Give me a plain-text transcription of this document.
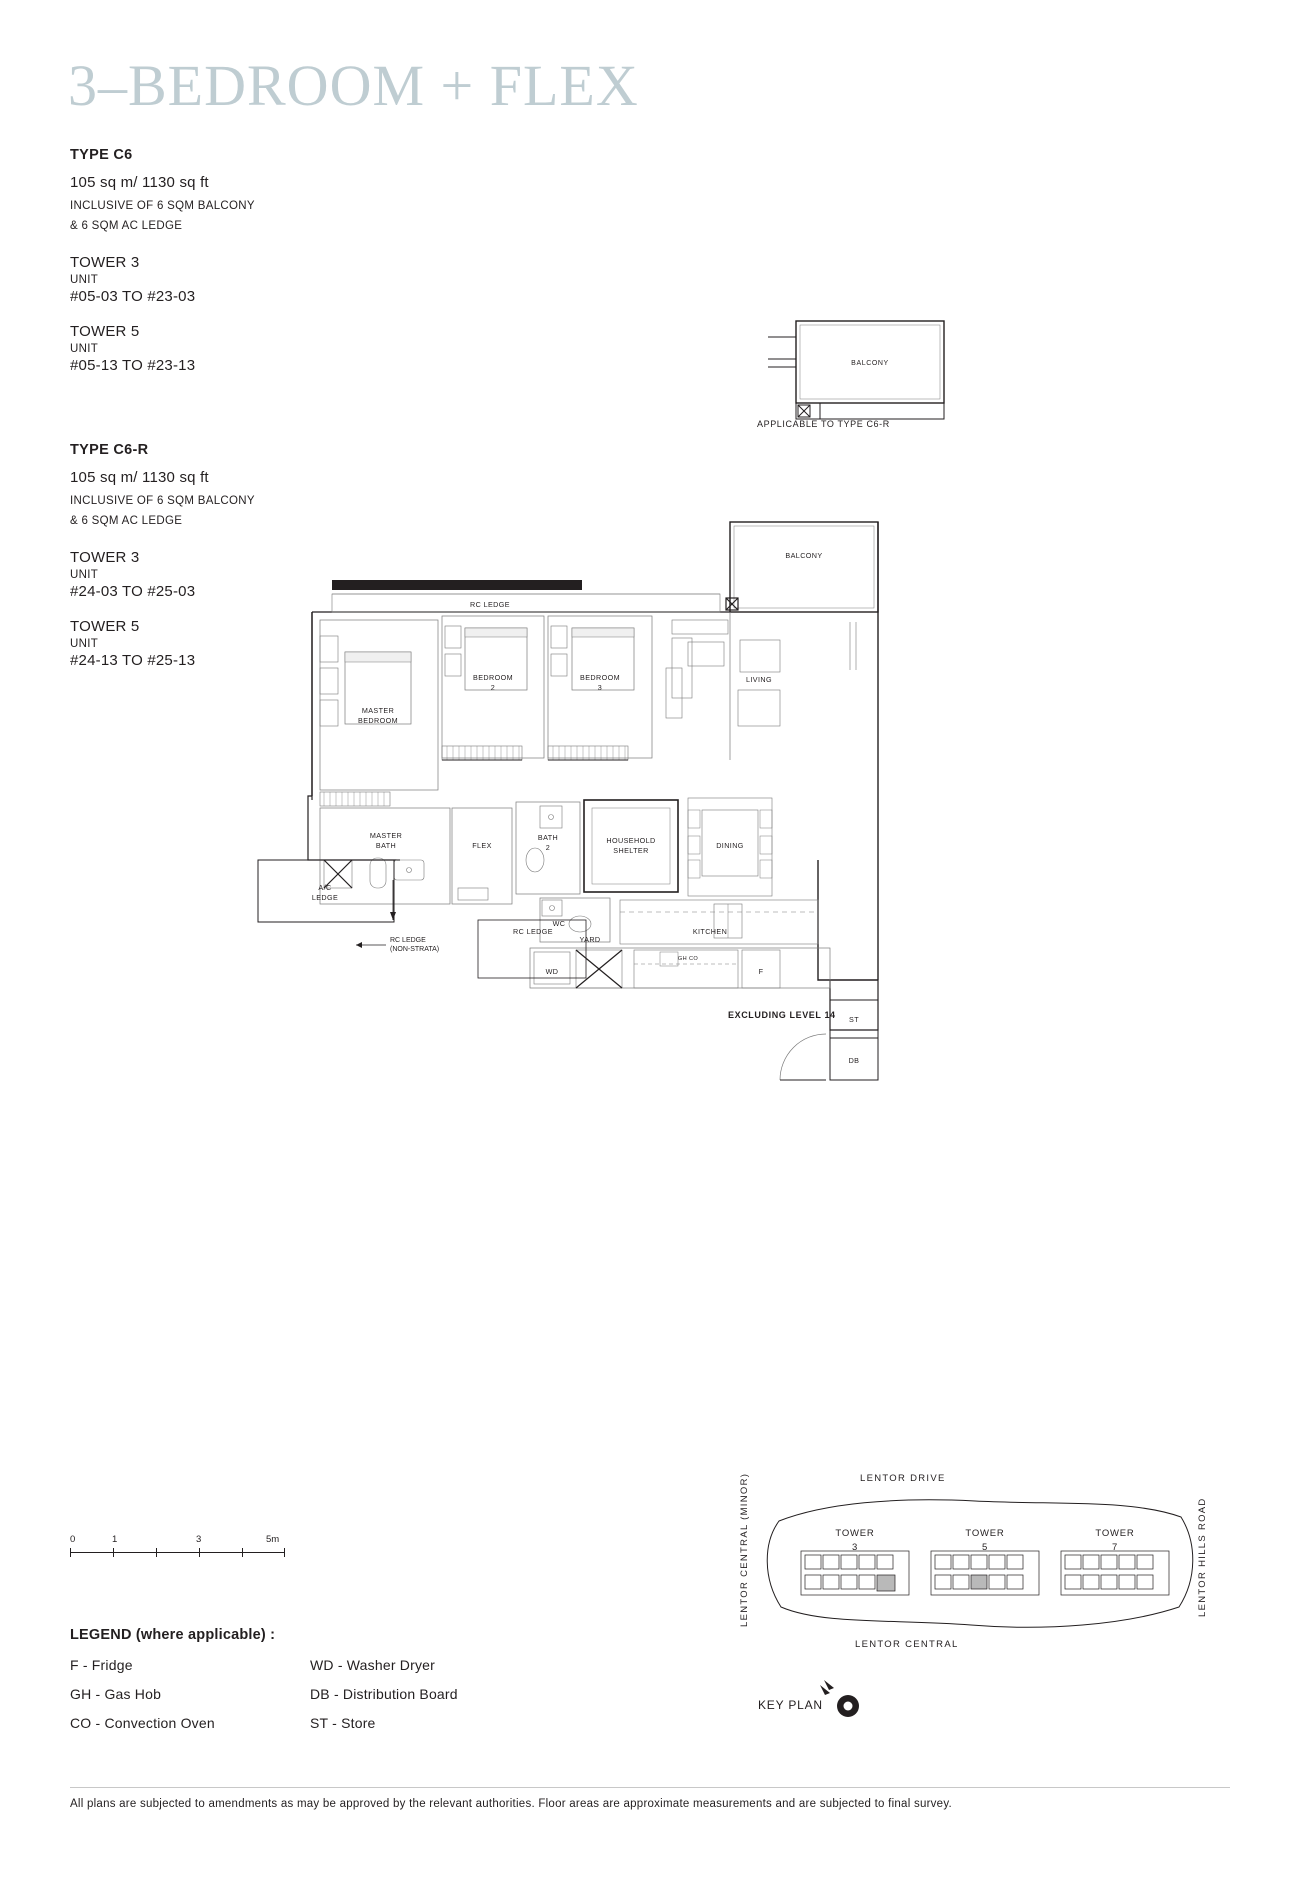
3–BEDROOM + FLEX
TYPE C6
105 sq m/ 1130 sq ft
INCLUSIVE OF 6 SQM BALCONY
& 6 SQM AC LEDGE
TOWER 3
UNIT
#05-03 TO #23-03
TOWER 5
UNIT
#05-13 TO #23-13
TYPE C6-R
105 sq m/ 1130 sq ft
INCLUSIVE OF 6 SQM BALCONY
& 6 SQM AC LEDGE
TOWER 3
UNIT
#24-03 TO #25-03
TOWER 5
UNIT
#24-13 TO #25-13
BALCONY
APPLICABLE TO TYPE C6-R
RC LEDGE
BALCONY
BEDROOM
2
BEDROOM
3
MASTER
BEDROOM
LIVING
MASTER
BATH	FLEX
BATH
2
HOUSEHOLD
SHELTER
DINING
A/C
LEDGE
WC
YARD
KITCHEN
RC LEDGE
WD	F
ST
DB
GH CO
RC LEDGE
(NON-STRATA)
EXCLUDING LEVEL 14
0	1	3	5m
LEGEND (where applicable) :
F - Fridge	WD - Washer Dryer
GH - Gas Hob	DB - Distribution Board
CO - Convection Oven	ST - Store
LENTOR DRIVE
LENTOR CENTRAL
LENTOR CENTRAL (MINOR)	LENTOR HILLS ROAD
TOWER
3
TOWER
5
TOWER
7
KEY PLAN
All plans are subjected to amendments as may be approved by the relevant authorities. Floor areas are approximate measurements and are subjected to final survey.
